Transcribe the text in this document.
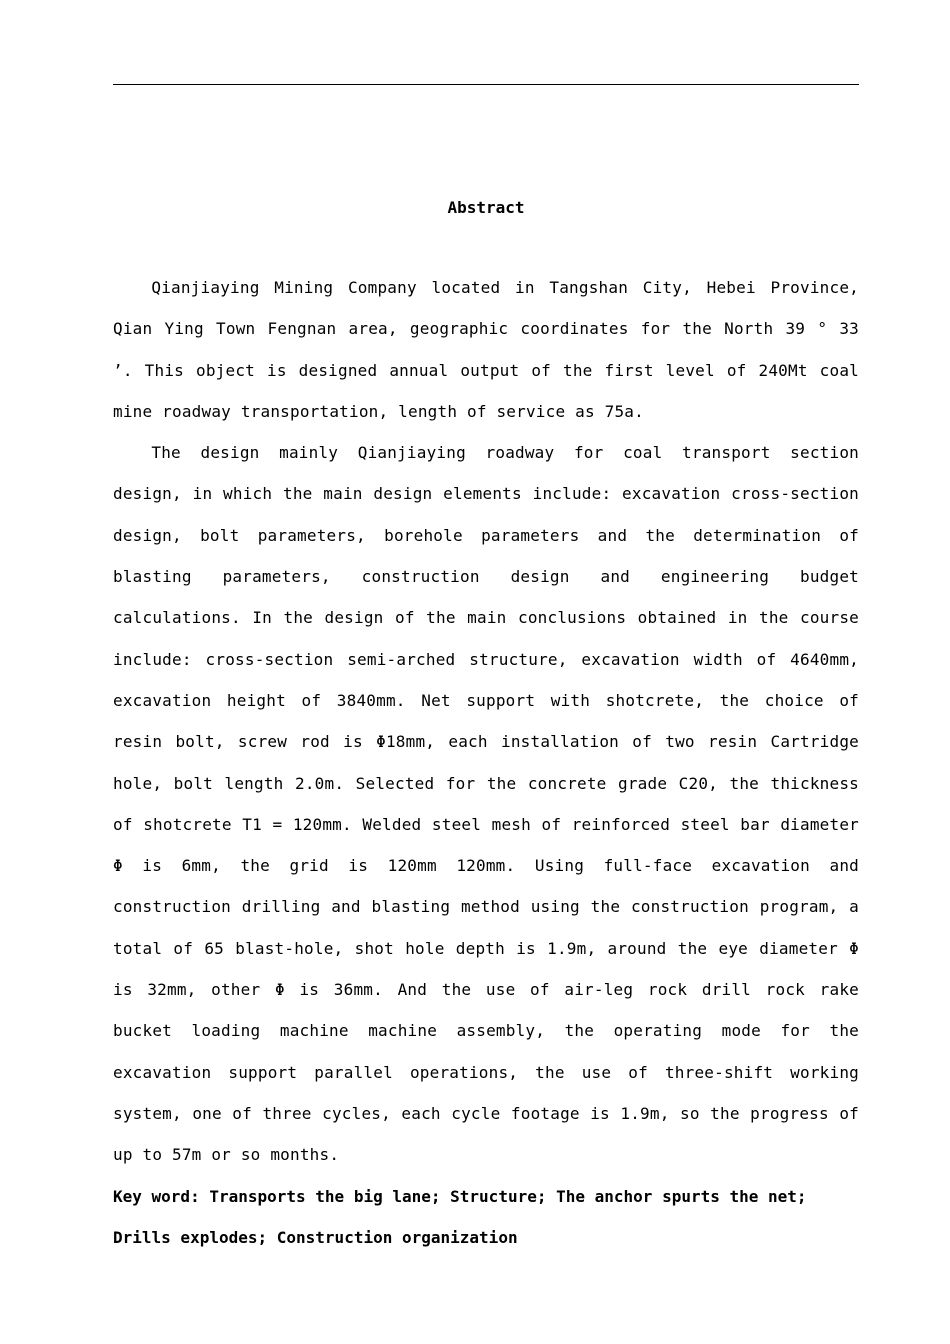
Abstract

Qianjiaying Mining Company located in Tangshan City, Hebei Province, Qian Ying Town Fengnan area, geographic coordinates for the North 39 ° 33 ’. This object is designed annual output of the first level of 240Mt coal mine roadway transportation, length of service as 75a.

The design mainly Qianjiaying roadway for coal transport section design, in which the main design elements include: excavation cross-section design, bolt parameters, borehole parameters and the determination of blasting parameters, construction design and engineering budget calculations. In the design of the main conclusions obtained in the course include: cross-section semi-arched structure, excavation width of 4640mm, excavation height of 3840mm. Net support with shotcrete, the choice of resin bolt, screw rod is Φ18mm, each installation of two resin Cartridge hole, bolt length 2.0m. Selected for the concrete grade C20, the thickness of shotcrete T1 = 120mm. Welded steel mesh of reinforced steel bar diameter Φ is 6mm, the grid is 120mm 120mm. Using full-face excavation and construction drilling and blasting method using the construction program, a total of 65 blast-hole, shot hole depth is 1.9m, around the eye diameter Φ is 32mm, other Φ is 36mm. And the use of air-leg rock drill rock rake bucket loading machine machine assembly, the operating mode for the excavation support parallel operations, the use of three-shift working system, one of three cycles, each cycle footage is 1.9m, so the progress of up to 57m or so months.

Key word: Transports the big lane; Structure; The anchor spurts the net; Drills explodes; Construction organization
